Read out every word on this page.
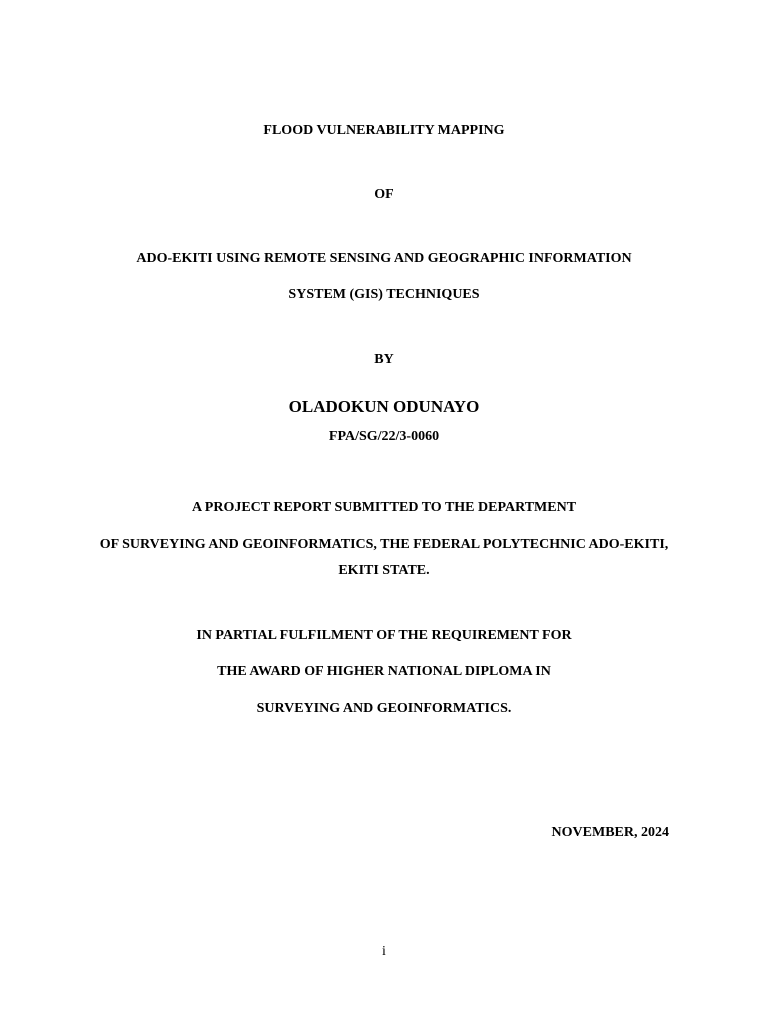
FLOOD VULNERABILITY MAPPING
OF
ADO-EKITI USING REMOTE SENSING AND GEOGRAPHIC INFORMATION
SYSTEM (GIS) TECHNIQUES
BY
OLADOKUN ODUNAYO
FPA/SG/22/3-0060
A PROJECT REPORT SUBMITTED TO THE DEPARTMENT
OF SURVEYING AND GEOINFORMATICS, THE FEDERAL POLYTECHNIC ADO-EKITI, EKITI STATE.
IN PARTIAL FULFILMENT OF THE REQUIREMENT FOR
THE AWARD OF HIGHER NATIONAL DIPLOMA IN
SURVEYING AND GEOINFORMATICS.
NOVEMBER, 2024
i
